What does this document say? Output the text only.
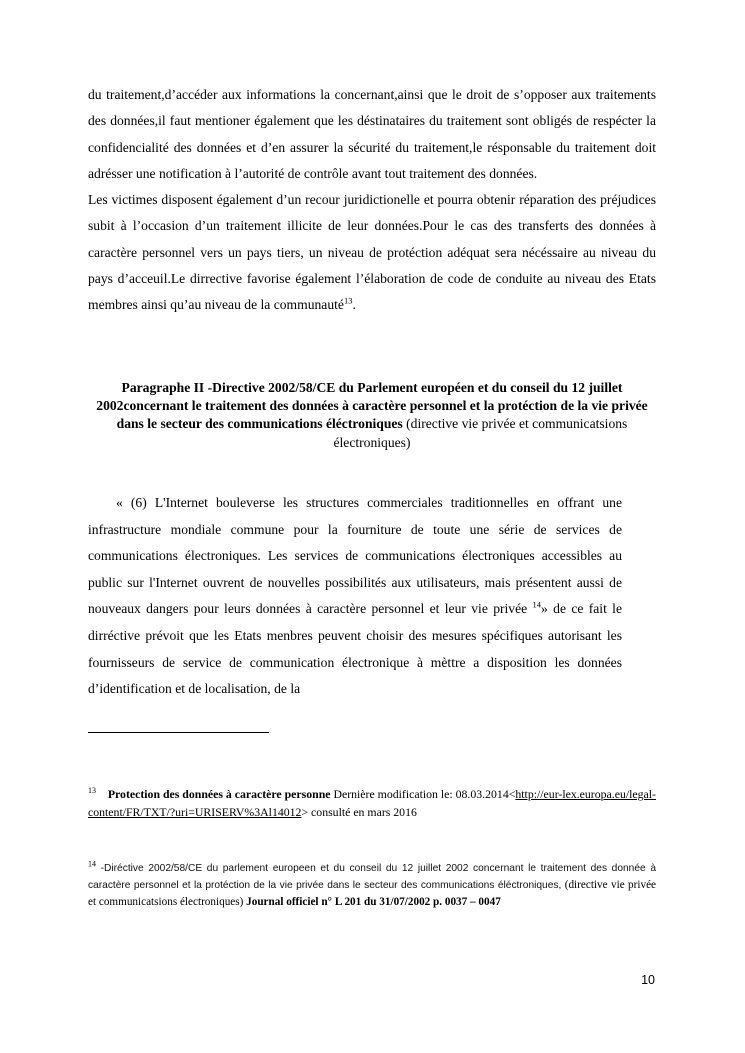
du traitement,d’accéder aux informations la concernant,ainsi que le droit de s’opposer aux traitements des données,il faut mentioner également que les déstinataires du traitement sont obligés de respécter la confidencialité des données et d’en assurer la sécurité du traitement,le résponsable du traitement doit adrésser une notification à l’autorité de contrôle avant tout traitement des données.

Les victimes disposent également d’un recour juridictionelle et pourra obtenir réparation des préjudices subit à l’occasion d’un traitement illicite de leur données.Pour le cas des transferts des données à caractère personnel vers un pays tiers, un niveau de protéction adéquat sera nécéssaire au niveau du pays d’acceuil.Le dirrective favorise également l’élaboration de code de conduite au niveau des Etats membres ainsi qu’au niveau de la communauté$^{13}$.

Paragraphe II -Directive 2002/58/CE du Parlement européen et du conseil du 12 juillet 2002concernant le traitement des données à caractère personnel et la protéction de la vie privée dans le secteur des communications éléctroniques (directive vie privée et communicatsions électroniques)

« (6) L'Internet bouleverse les structures commerciales traditionnelles en offrant une infrastructure mondiale commune pour la fourniture de toute une série de services de communications électroniques. Les services de communications électroniques accessibles au public sur l'Internet ouvrent de nouvelles possibilités aux utilisateurs, mais présentent aussi de nouveaux dangers pour leurs données à caractère personnel et leur vie privée $^{14}$» de ce fait le dirréctive prévoit que les Etats menbres peuvent choisir des mesures spécifiques autorisant les fournisseurs de service de communication électronique à mèttre a disposition les données d’identification et de localisation, de la

$^{13}$ Protection des données à caractère personne Dernière modification le: 08.03.2014<http://eur-lex.europa.eu/legal-content/FR/TXT/?uri=URISERV%3Al14012> consulté en mars 2016
$^{14}$ -Diréctive 2002/58/CE du parlement europeen et du conseil du 12 juillet 2002 concernant le traitement des donnée à caractère personnel et la protéction de la vie privée dans le secteur des communications éléctroniques, (directive vie privée et communicatsions électroniques) Journal officiel n° L 201 du 31/07/2002 p. 0037 – 0047
10
